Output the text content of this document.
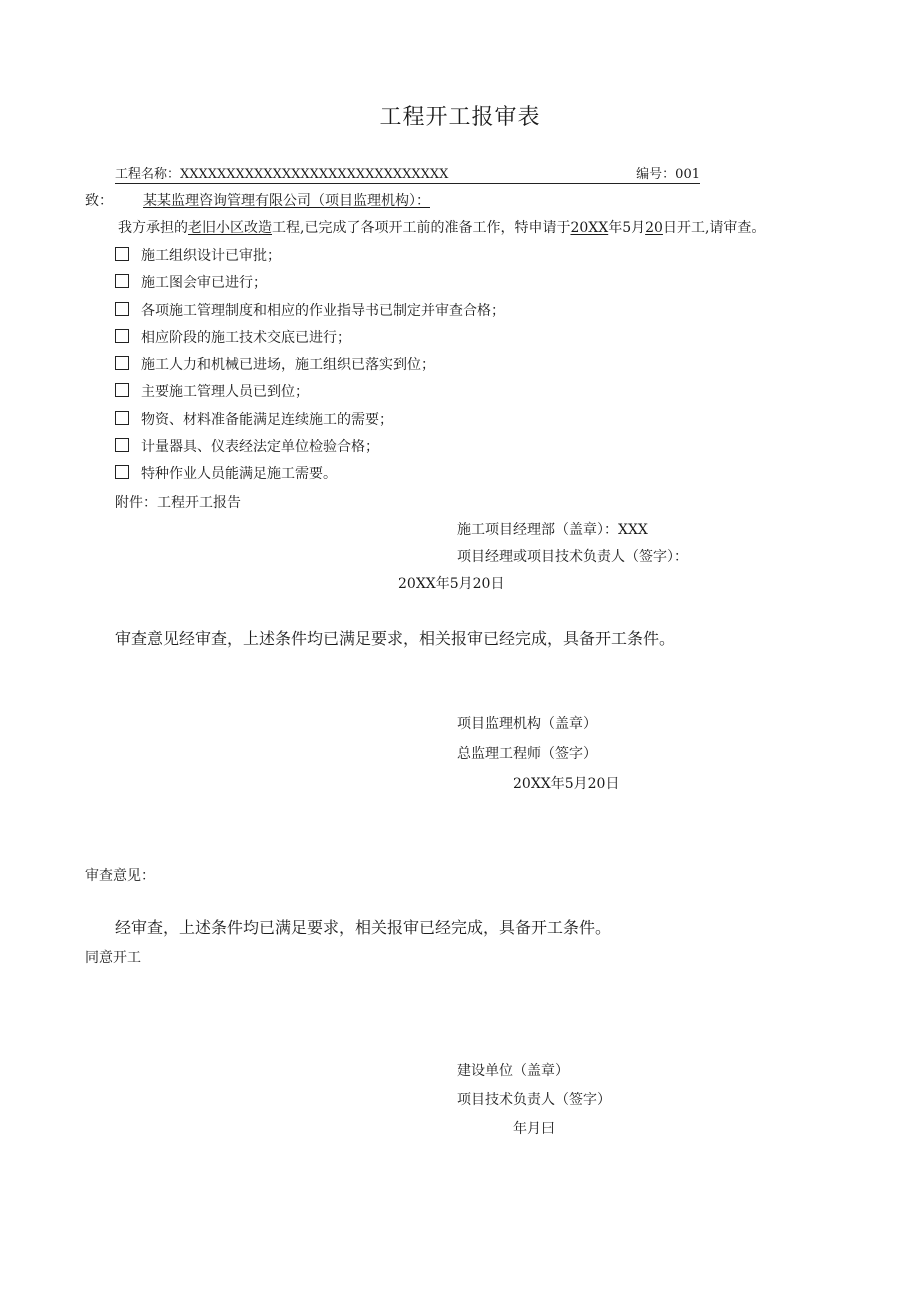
工程开工报审表
工程名称：XXXXXXXXXXXXXXXXXXXXXXXXXXXXX	编号：001
致： 某某监理咨询管理有限公司（项目监理机构）：
我方承担的老旧小区改造工程,已完成了各项开工前的准备工作，特申请于20XX年5月20日开工,请审查。
施工组织设计已审批；
施工图会审已进行；
各项施工管理制度和相应的作业指导书已制定并审查合格；
相应阶段的施工技术交底已进行；
施工人力和机械已进场，施工组织已落实到位；
主要施工管理人员已到位；
物资、材料准备能满足连续施工的需要；
计量器具、仪表经法定单位检验合格；
特种作业人员能满足施工需要。
附件：工程开工报告
施工项目经理部（盖章）：XXX
项目经理或项目技术负责人（签字）：
20XX年5月20日
审查意见经审查，上述条件均已满足要求，相关报审已经完成，具备开工条件。
项目监理机构（盖章）
总监理工程师（签字）
20XX年5月20日
审查意见：
经审查，上述条件均已满足要求，相关报审已经完成，具备开工条件。
同意开工
建设单位（盖章）
项目技术负责人（签字）
年月曰
